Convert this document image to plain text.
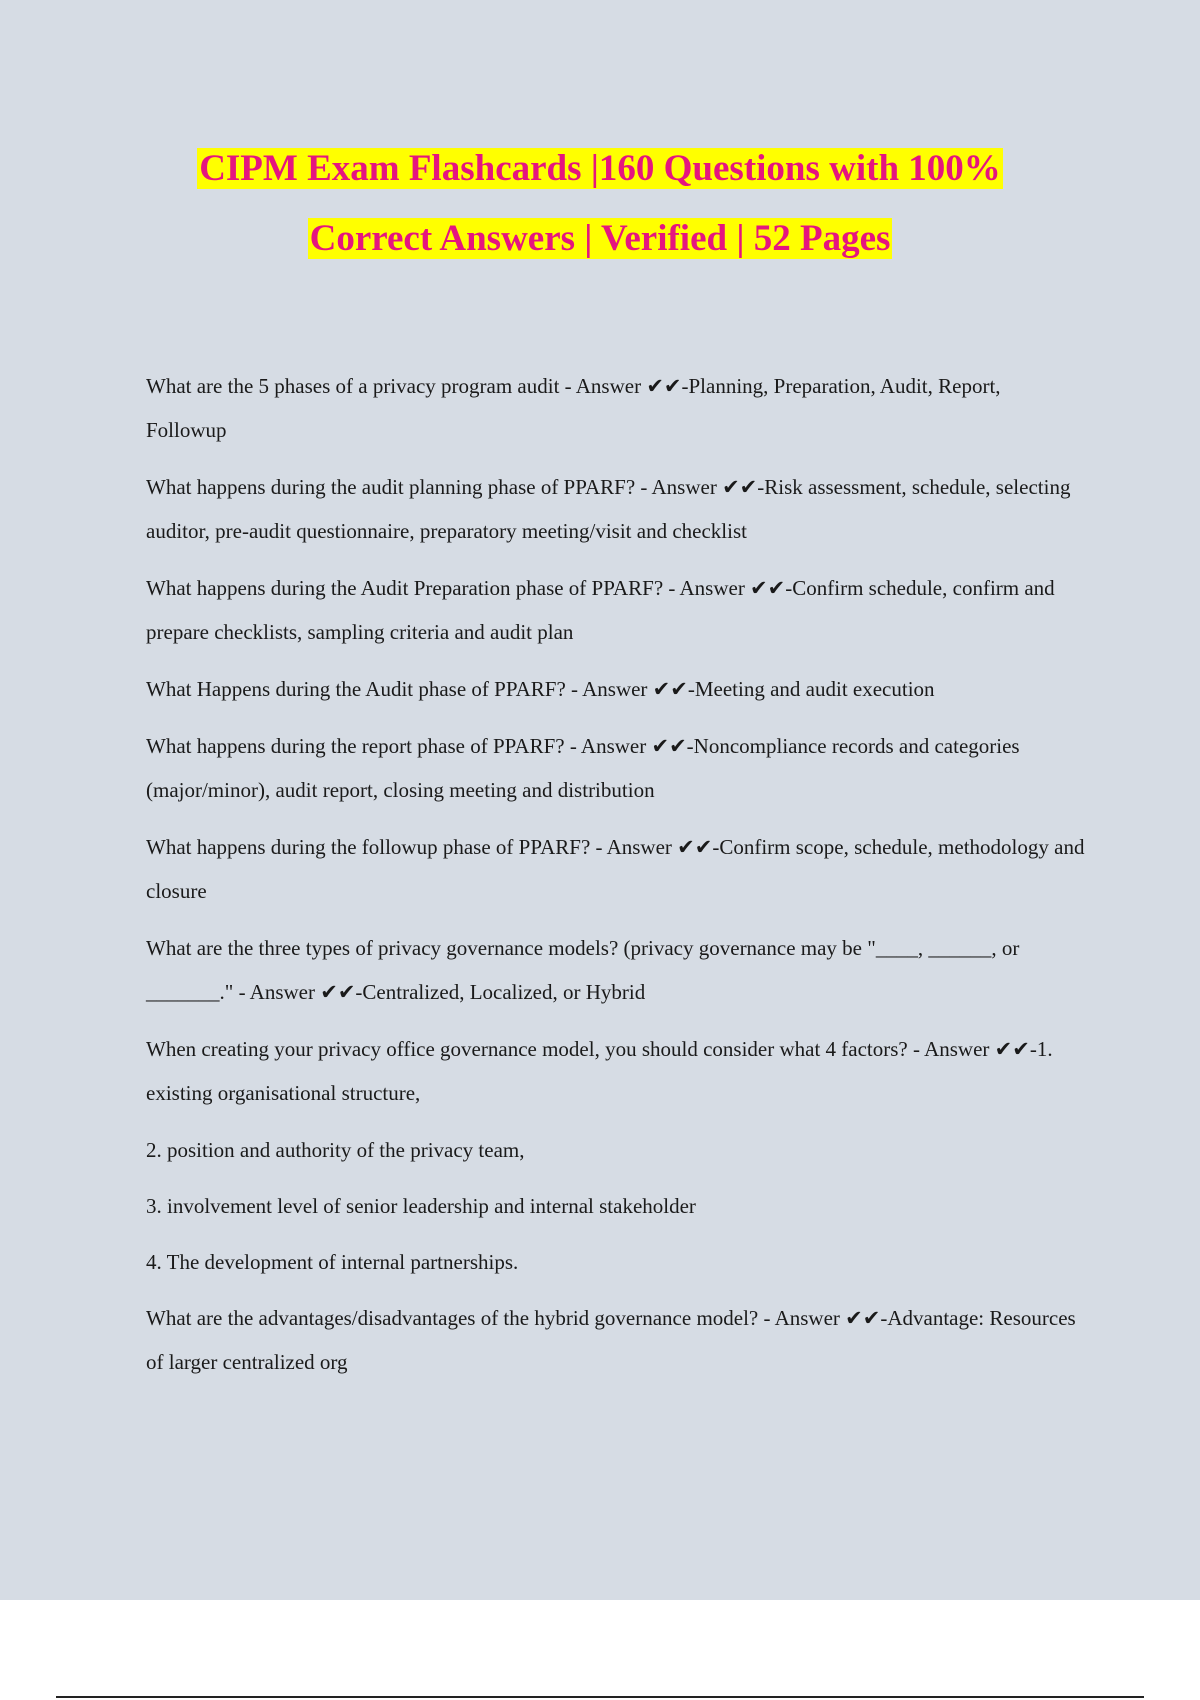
CIPM Exam Flashcards |160 Questions with 100%
Correct Answers | Verified | 52 Pages

What are the 5 phases of a privacy program audit - Answer ✔✔-Planning, Preparation, Audit, Report, Followup

What happens during the audit planning phase of PPARF? - Answer ✔✔-Risk assessment, schedule, selecting auditor, pre-audit questionnaire, preparatory meeting/visit and checklist

What happens during the Audit Preparation phase of PPARF? - Answer ✔✔-Confirm schedule, confirm and prepare checklists, sampling criteria and audit plan

What Happens during the Audit phase of PPARF? - Answer ✔✔-Meeting and audit execution

What happens during the report phase of PPARF? - Answer ✔✔-Noncompliance records and categories (major/minor), audit report, closing meeting and distribution

What happens during the followup phase of PPARF? - Answer ✔✔-Confirm scope, schedule, methodology and closure

What are the three types of privacy governance models? (privacy governance may be "____, ______, or _______." - Answer ✔✔-Centralized, Localized, or Hybrid

When creating your privacy office governance model, you should consider what 4 factors? - Answer ✔✔-1. existing organisational structure,

2. position and authority of the privacy team,

3. involvement level of senior leadership and internal stakeholder

4. The development of internal partnerships.

What are the advantages/disadvantages of the hybrid governance model? - Answer ✔✔-Advantage: Resources of larger centralized org
